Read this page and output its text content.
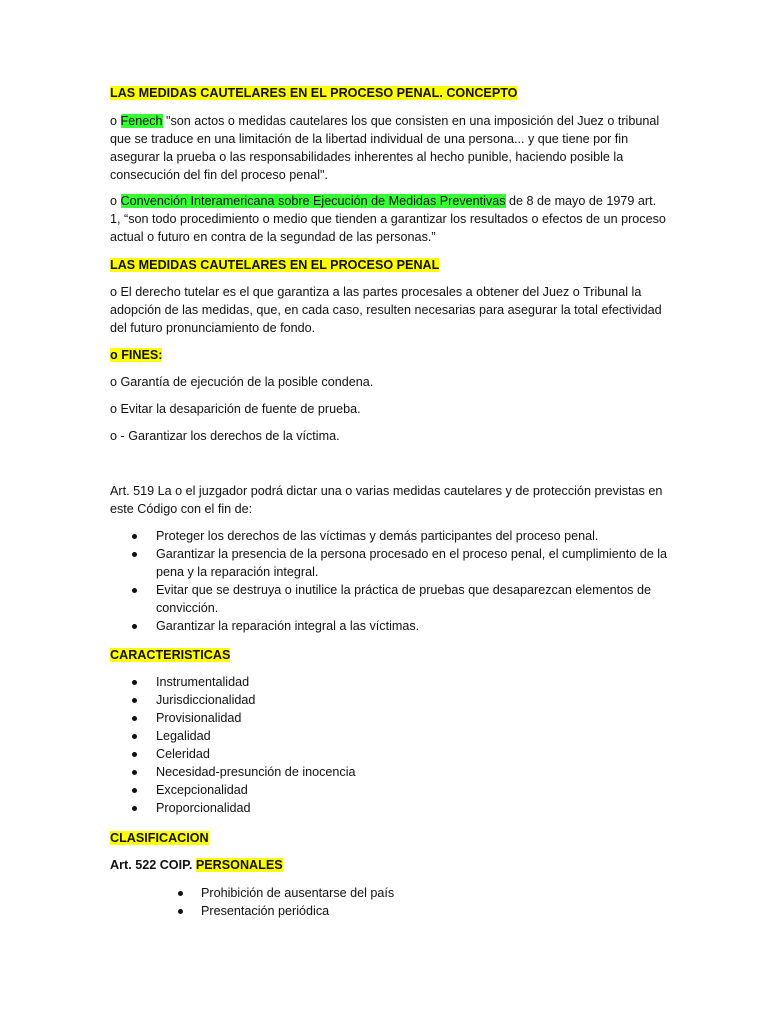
LAS MEDIDAS CAUTELARES EN EL PROCESO PENAL. CONCEPTO
o Fenech "son actos o medidas cautelares los que consisten en una imposición del Juez o tribunal que se traduce en una limitación de la libertad individual de una persona... y que tiene por fin asegurar la prueba o las responsabilidades inherentes al hecho punible, haciendo posible la consecución del fin del proceso penal".
o Convención Interamericana sobre Ejecución de Medidas Preventivas de 8 de mayo de 1979 art. 1, “son todo procedimiento o medio que tienden a garantizar los resultados o efectos de un proceso actual o futuro en contra de la segundad de las personas.”
LAS MEDIDAS CAUTELARES EN EL PROCESO PENAL
o El derecho tutelar es el que garantiza a las partes procesales a obtener del Juez o Tribunal la adopción de las medidas, que, en cada caso, resulten necesarias para asegurar la total efectividad del futuro pronunciamiento de fondo.
o FINES:
o Garantía de ejecución de la posible condena.
o Evitar la desaparición de fuente de prueba.
o - Garantizar los derechos de la víctima.
Art. 519 La o el juzgador podrá dictar una o varias medidas cautelares y de protección previstas en este Código con el fin de:
Proteger los derechos de las víctimas y demás participantes del proceso penal.
Garantizar la presencia de la persona procesado en el proceso penal, el cumplimiento de la pena y la reparación integral.
Evitar que se destruya o inutilice la práctica de pruebas que desaparezcan elementos de convicción.
Garantizar la reparación integral a las víctimas.
CARACTERISTICAS
Instrumentalidad
Jurisdiccionalidad
Provisionalidad
Legalidad
Celeridad
Necesidad-presunción de inocencia
Excepcionalidad
Proporcionalidad
CLASIFICACION
Art. 522 COIP. PERSONALES
Prohibición de ausentarse del país
Presentación periódica
